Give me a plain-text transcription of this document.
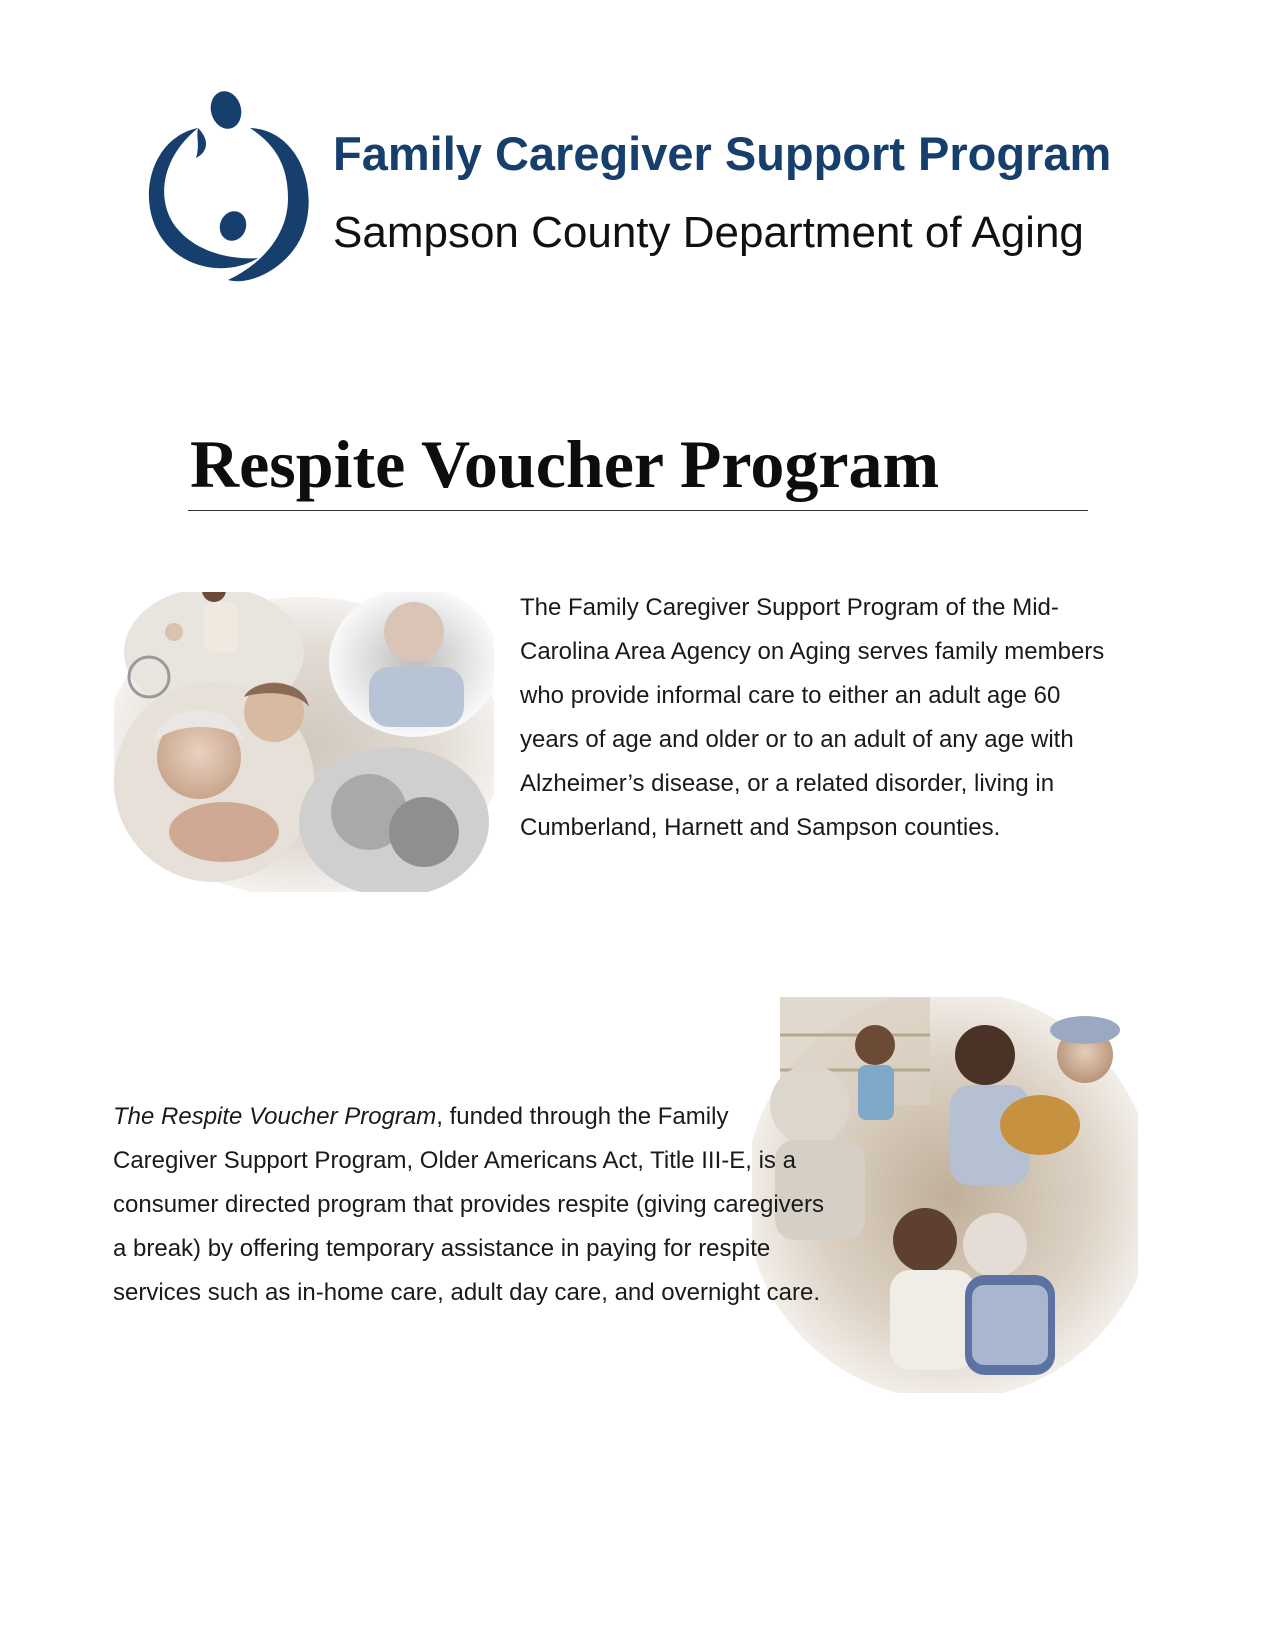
Family Caregiver Support Program
Sampson County Department of Aging
Respite Voucher Program

The Family Caregiver Support Program of the Mid-Carolina Area Agency on Aging serves family members who provide informal care to either an adult age 60 years of age and older or to an adult of any age with Alzheimer’s disease, or a related disorder, living in Cumberland, Harnett and Sampson counties.

The Respite Voucher Program, funded through the Family Caregiver Support Program, Older Americans Act, Title III-E, is a consumer directed program that provides respite (giving caregivers a break) by offering temporary assistance in paying for respite services such as in-home care, adult day care, and overnight care.
